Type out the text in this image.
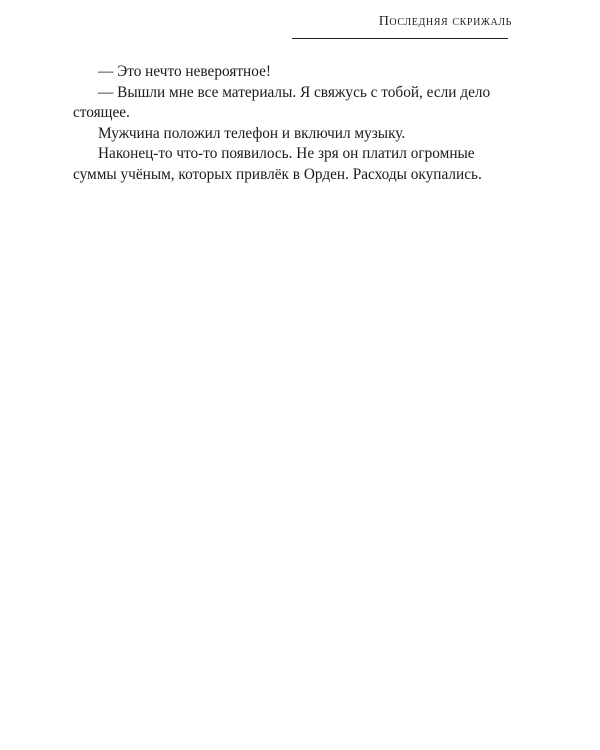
Последняя скрижаль

— Это нечто невероятное!

— Вышли мне все материалы. Я свяжусь с тобой, если дело стоящее.

Мужчина положил телефон и включил музыку.

Наконец-то что-то появилось. Не зря он платил огромные суммы учёным, которых привлёк в Орден. Расходы окупались.
